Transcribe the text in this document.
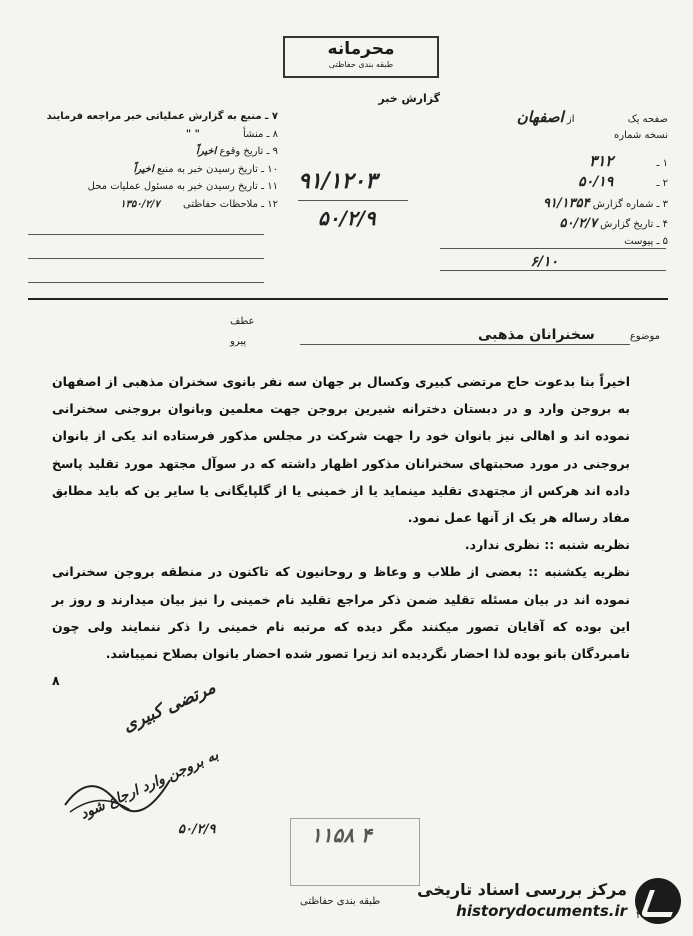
محرمانه
طبقه بندی حفاظتی
گزارش خبر
۷ ـ منبع به گزارش عملیاتی خبر مراجعه فرمایند
۸ ـ منشأ " "
۹ ـ تاریخ وقوع اخیراً
۱۰ ـ تاریخ رسیدن خبر به منبع اخیراً
۱۱ ـ تاریخ رسیدن خبر به مسئول عملیات محل
۱۲ ـ ملاحظات حفاظتی ۱۳۵۰/۲/۷
۹۱/۱۲۰۳
۵۰/۲/۹
صفحه یک از اصفهان
نسخه شماره
۱ ـ ۳۱۲
۲ ـ ۵۰/۱۹
۳ ـ شماره گزارش ۹۱/۱۳۵۴
۴ ـ تاریخ گزارش ۵۰/۲/۷
۵ ـ پیوست
۶/۱۰
عطف
پیرو	موضوع سخنرانان مذهبی

اخیراً بنا بدعوت حاج مرتضی کبیری وکسال بر جهان سه نفر بانوی سخنران مذهبی از اصفهان به بروجن وارد و در دبستان دخترانه شیرین بروجن جهت معلمین وبانوان بروجنی سخنرانی نموده اند و اهالی نیز بانوان خود را جهت شرکت در مجلس مذکور فرستاده اند یکی از بانوان بروجنی در مورد صحبتهای سخنرانان مذکور اظهار داشته که در سوآل مجتهد مورد تقلید پاسخ داده اند هرکس از مجتهدی تقلید مینماید یا از خمینی یا از گلپایگانی یا سایر ین که باید مطابق مفاد رساله هر یک از آنها عمل نمود.

نظریه شنبه :: نظری ندارد.

نظریه یکشنبه :: بعضی از طلاب و وعاظ و روحانیون که تاکنون در منطقه بروجن سخنرانی نموده اند در بیان مسئله تقلید ضمن ذکر مراجع تقلید نام خمینی را نیز بیان میدارند و روز بر این بوده که آقایان تصور میکنند مگر دیده که مرتبه نام خمینی را ذکر ننمایند ولی چون نامبردگان بانو بوده لذا احضار نگردیده اند زیرا تصور شده احضار بانوان بصلاح نمیباشد.

۸	مرتضی کبیری
به بروجن وارد ارجاع شود
۵۰/۲/۹	۱۱۵۸ ۴
طبقه بندی حفاظتی
مرکز بررسی اسناد تاریخی
historydocuments.ir ۲
